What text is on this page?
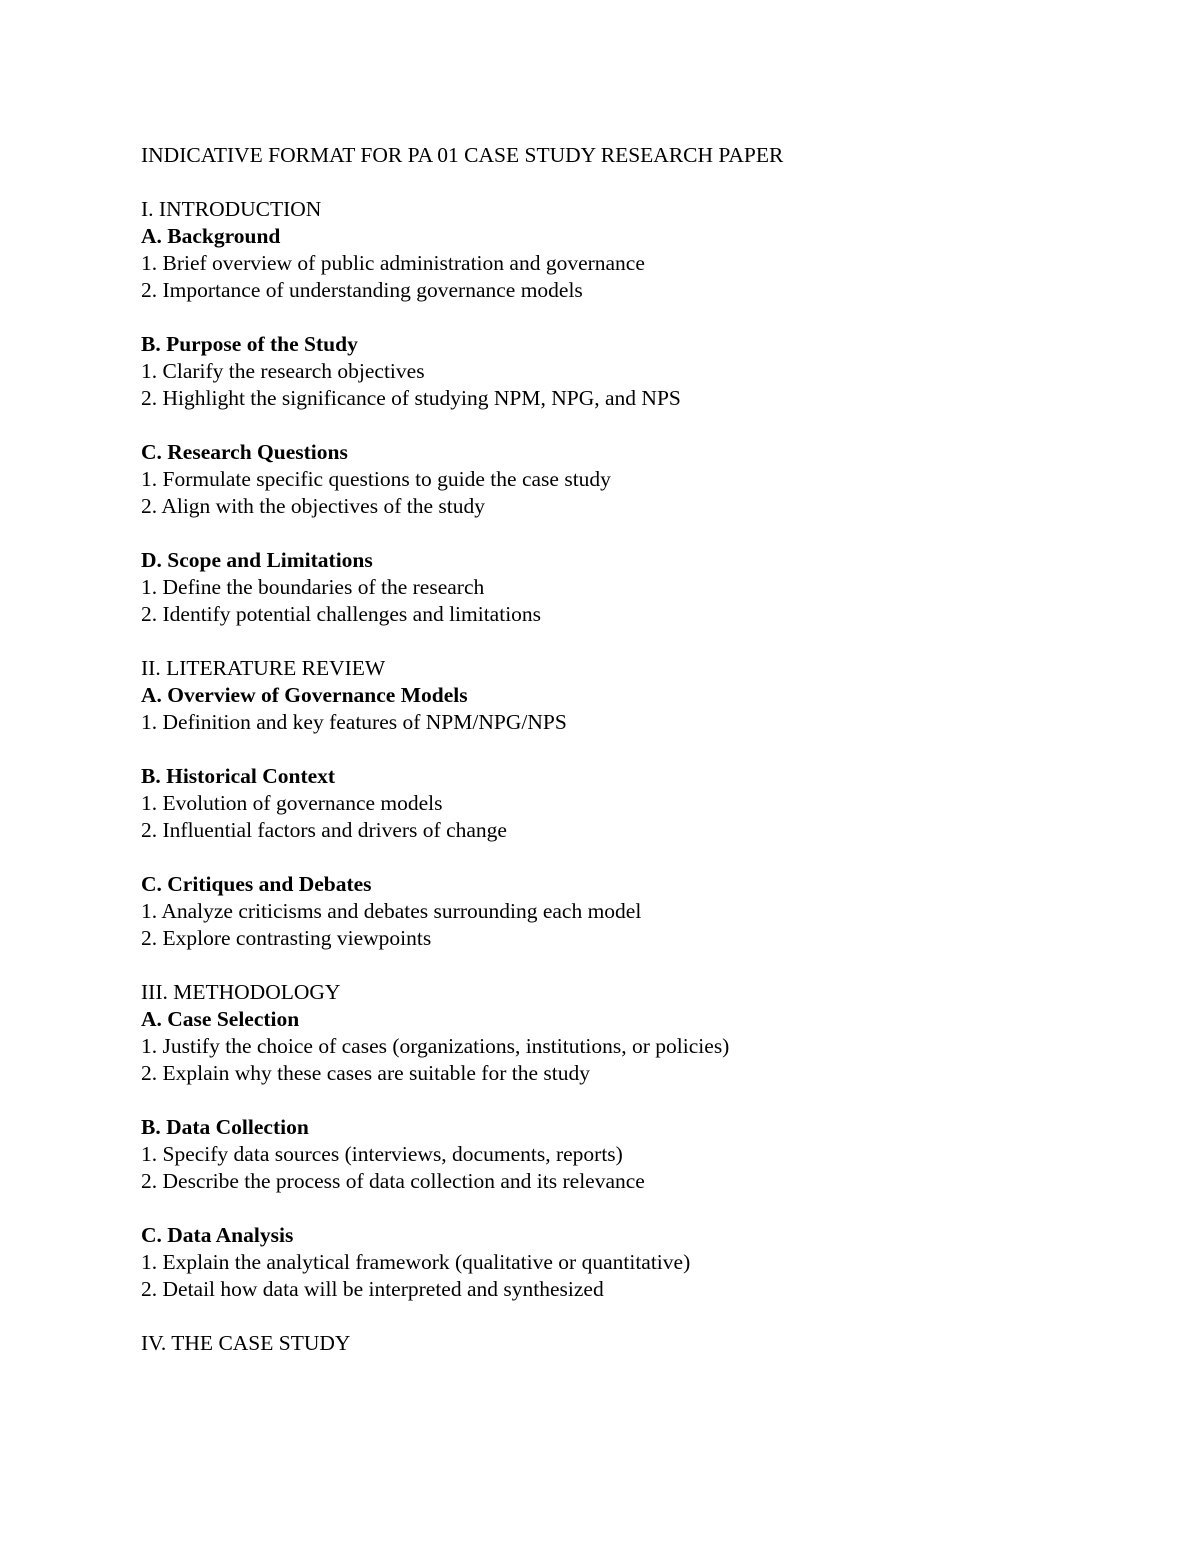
INDICATIVE FORMAT FOR PA 01 CASE STUDY RESEARCH PAPER
I. INTRODUCTION
A. Background
1. Brief overview of public administration and governance
2. Importance of understanding governance models
B. Purpose of the Study
1. Clarify the research objectives
2. Highlight the significance of studying NPM, NPG, and NPS
C. Research Questions
1. Formulate specific questions to guide the case study
2. Align with the objectives of the study
D. Scope and Limitations
1. Define the boundaries of the research
2. Identify potential challenges and limitations
II. LITERATURE REVIEW
A. Overview of Governance Models
1. Definition and key features of NPM/NPG/NPS
B. Historical Context
1. Evolution of governance models
2. Influential factors and drivers of change
C. Critiques and Debates
1. Analyze criticisms and debates surrounding each model
2. Explore contrasting viewpoints
III. METHODOLOGY
A. Case Selection
1. Justify the choice of cases (organizations, institutions, or policies)
2. Explain why these cases are suitable for the study
B. Data Collection
1. Specify data sources (interviews, documents, reports)
2. Describe the process of data collection and its relevance
C. Data Analysis
1. Explain the analytical framework (qualitative or quantitative)
2. Detail how data will be interpreted and synthesized
IV. THE CASE STUDY
